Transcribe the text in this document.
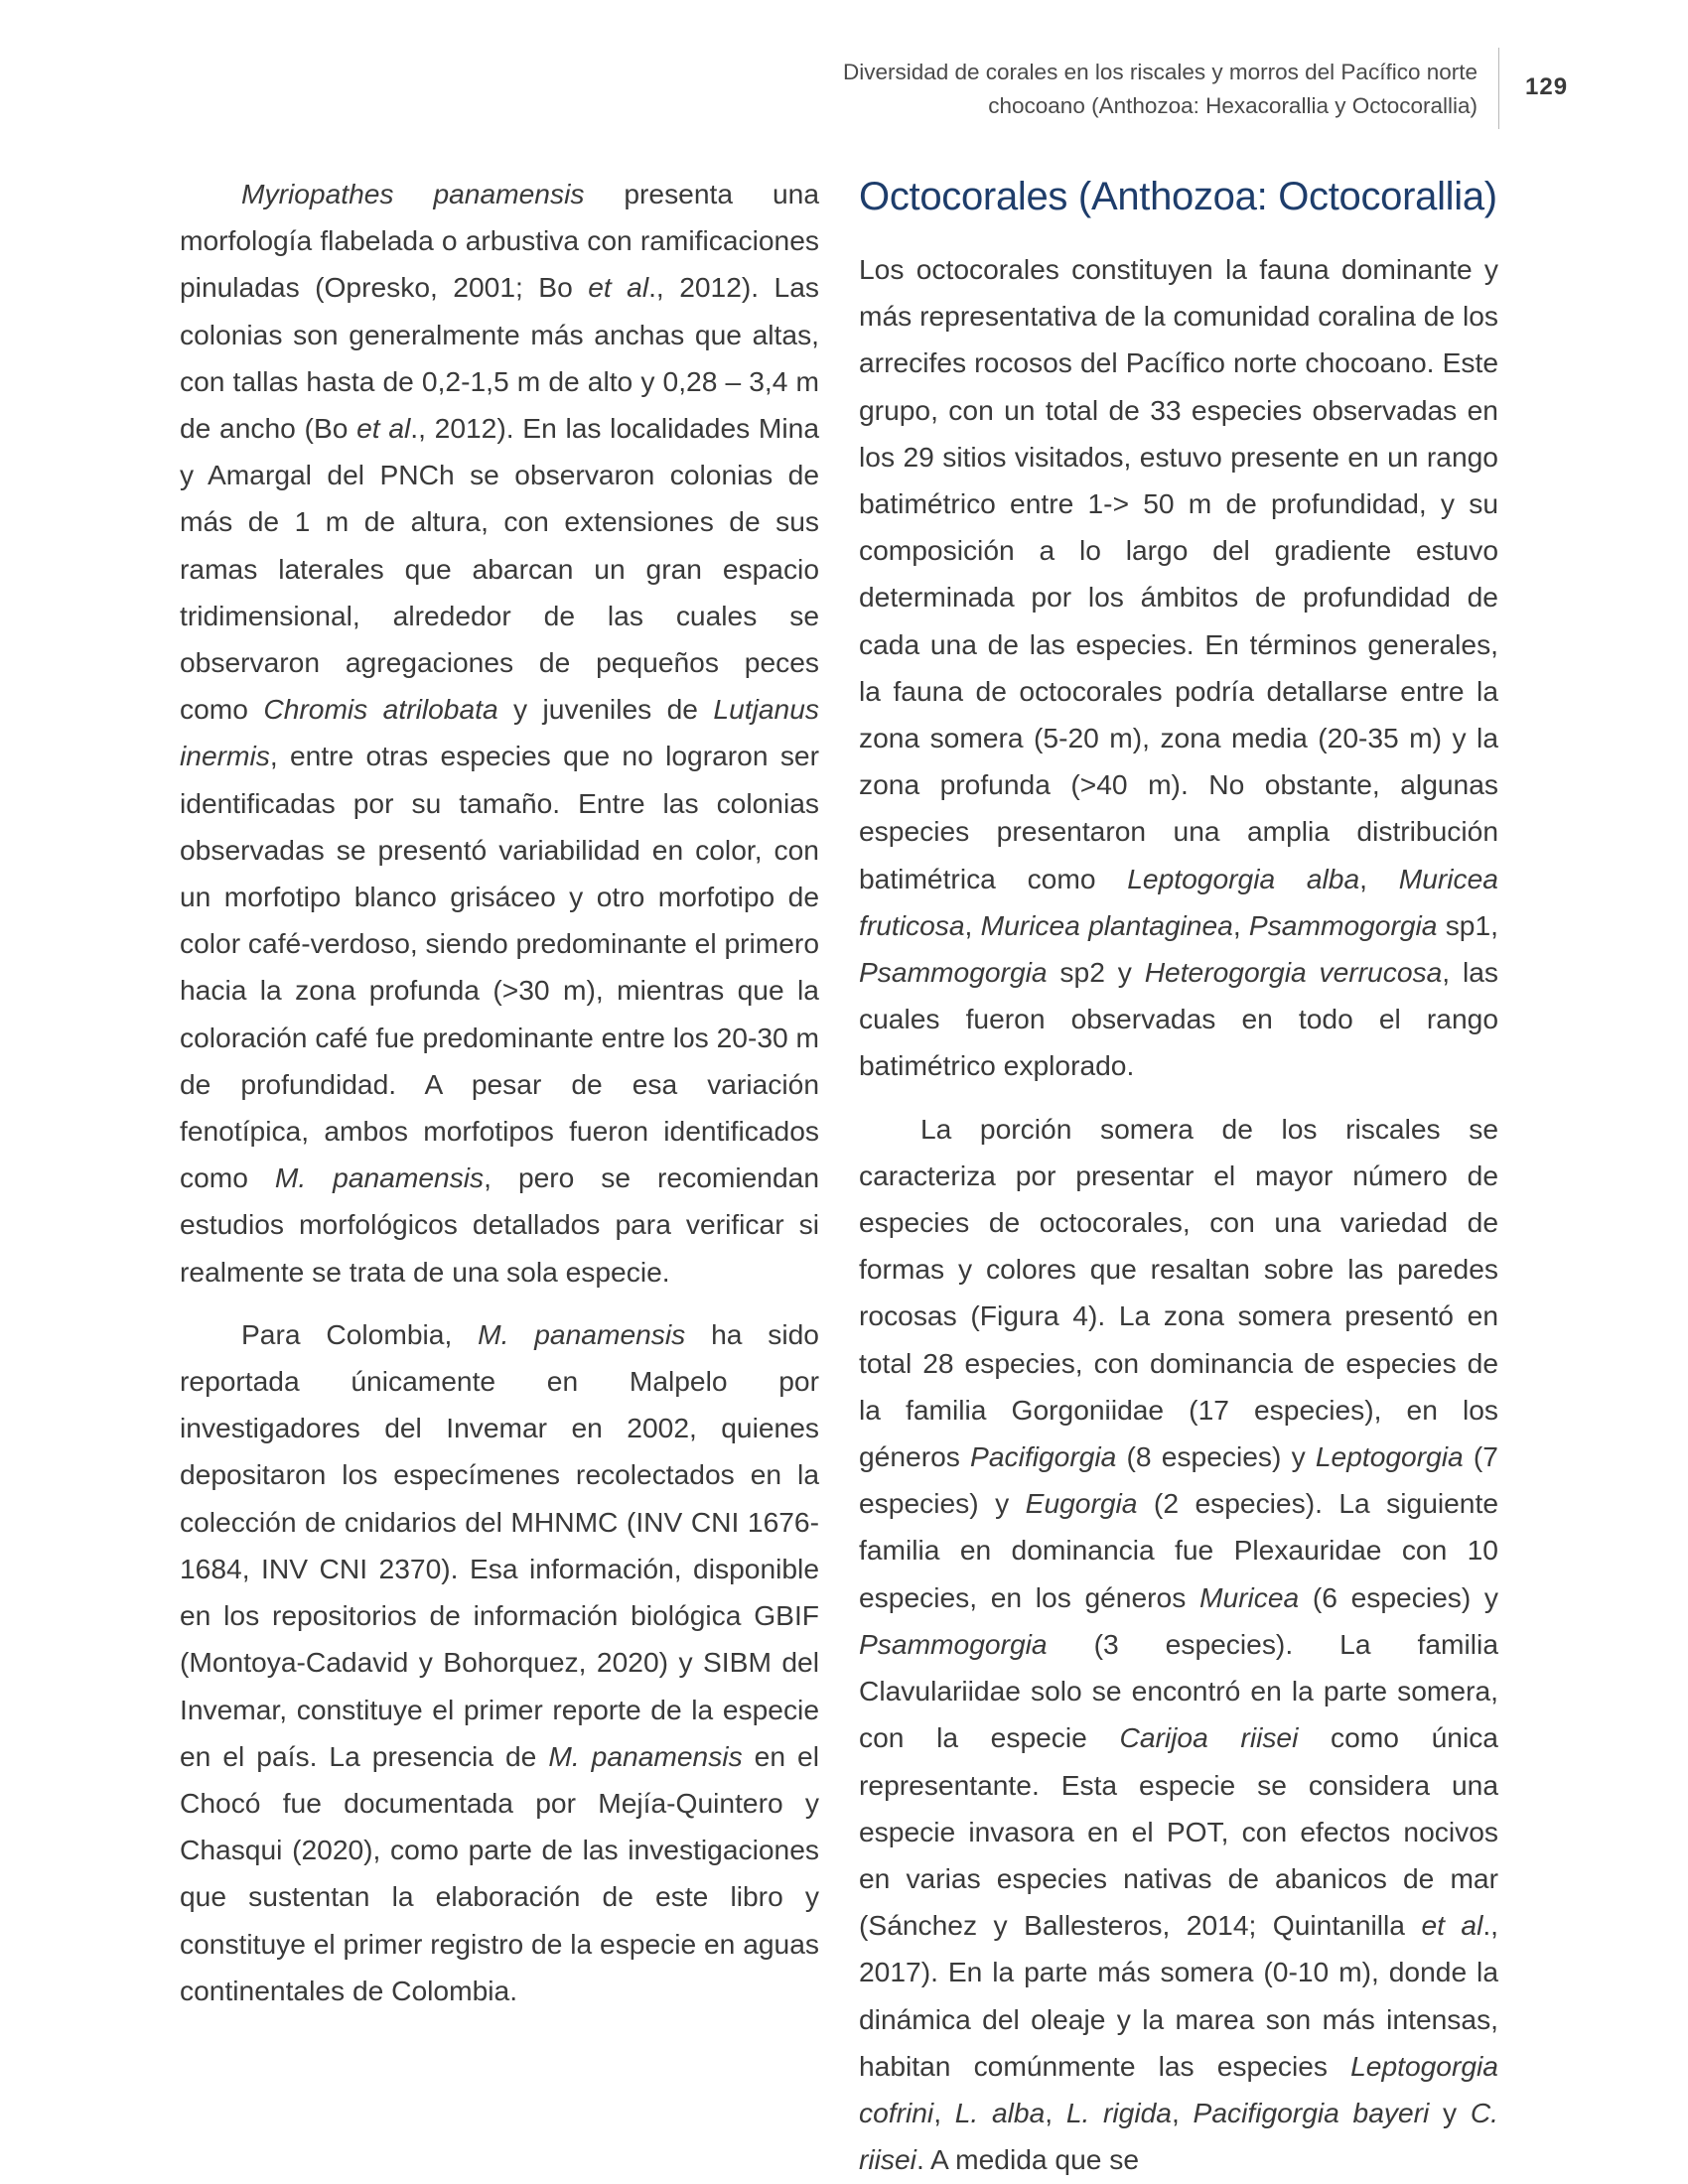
Diversidad de corales en los riscales y morros del Pacífico norte
chocoano (Anthozoa: Hexacorallia y Octocorallia)
129

Myriopathes panamensis presenta una morfología flabelada o arbustiva con ramificaciones pinuladas (Opresko, 2001; Bo et al., 2012). Las colonias son generalmente más anchas que altas, con tallas hasta de 0,2-1,5 m de alto y 0,28 – 3,4 m de ancho (Bo et al., 2012). En las localidades Mina y Amargal del PNCh se observaron colonias de más de 1 m de altura, con extensiones de sus ramas laterales que abarcan un gran espacio tridimensional, alrededor de las cuales se observaron agregaciones de pequeños peces como Chromis atrilobata y juveniles de Lutjanus inermis, entre otras especies que no lograron ser identificadas por su tamaño. Entre las colonias observadas se presentó variabilidad en color, con un morfotipo blanco grisáceo y otro morfotipo de color café-verdoso, siendo predominante el primero hacia la zona profunda (>30 m), mientras que la coloración café fue predominante entre los 20-30 m de profundidad. A pesar de esa variación fenotípica, ambos morfotipos fueron identificados como M. panamensis, pero se recomiendan estudios morfológicos detallados para verificar si realmente se trata de una sola especie.

Para Colombia, M. panamensis ha sido reportada únicamente en Malpelo por investigadores del Invemar en 2002, quienes depositaron los especímenes recolectados en la colección de cnidarios del MHNMC (INV CNI 1676-1684, INV CNI 2370). Esa información, disponible en los repositorios de información biológica GBIF (Montoya-Cadavid y Bohorquez, 2020) y SIBM del Invemar, constituye el primer reporte de la especie en el país. La presencia de M. panamensis en el Chocó fue documentada por Mejía-Quintero y Chasqui (2020), como parte de las investigaciones que sustentan la elaboración de este libro y constituye el primer registro de la especie en aguas continentales de Colombia.

Octocorales (Anthozoa: Octocorallia)

Los octocorales constituyen la fauna dominante y más representativa de la comunidad coralina de los arrecifes rocosos del Pacífico norte chocoano. Este grupo, con un total de 33 especies observadas en los 29 sitios visitados, estuvo presente en un rango batimétrico entre 1-> 50 m de profundidad, y su composición a lo largo del gradiente estuvo determinada por los ámbitos de profundidad de cada una de las especies. En términos generales, la fauna de octocorales podría detallarse entre la zona somera (5-20 m), zona media (20-35 m) y la zona profunda (>40 m). No obstante, algunas especies presentaron una amplia distribución batimétrica como Leptogorgia alba, Muricea fruticosa, Muricea plantaginea, Psammogorgia sp1, Psammogorgia sp2 y Heterogorgia verrucosa, las cuales fueron observadas en todo el rango batimétrico explorado.

La porción somera de los riscales se caracteriza por presentar el mayor número de especies de octocorales, con una variedad de formas y colores que resaltan sobre las paredes rocosas (Figura 4). La zona somera presentó en total 28 especies, con dominancia de especies de la familia Gorgoniidae (17 especies), en los géneros Pacifigorgia (8 especies) y Leptogorgia (7 especies) y Eugorgia (2 especies). La siguiente familia en dominancia fue Plexauridae con 10 especies, en los géneros Muricea (6 especies) y Psammogorgia (3 especies). La familia Clavulariidae solo se encontró en la parte somera, con la especie Carijoa riisei como única representante. Esta especie se considera una especie invasora en el POT, con efectos nocivos en varias especies nativas de abanicos de mar (Sánchez y Ballesteros, 2014; Quintanilla et al., 2017). En la parte más somera (0-10 m), donde la dinámica del oleaje y la marea son más intensas, habitan comúnmente las especies Leptogorgia cofrini, L. alba, L. rigida, Pacifigorgia bayeri y C. riisei. A medida que se
